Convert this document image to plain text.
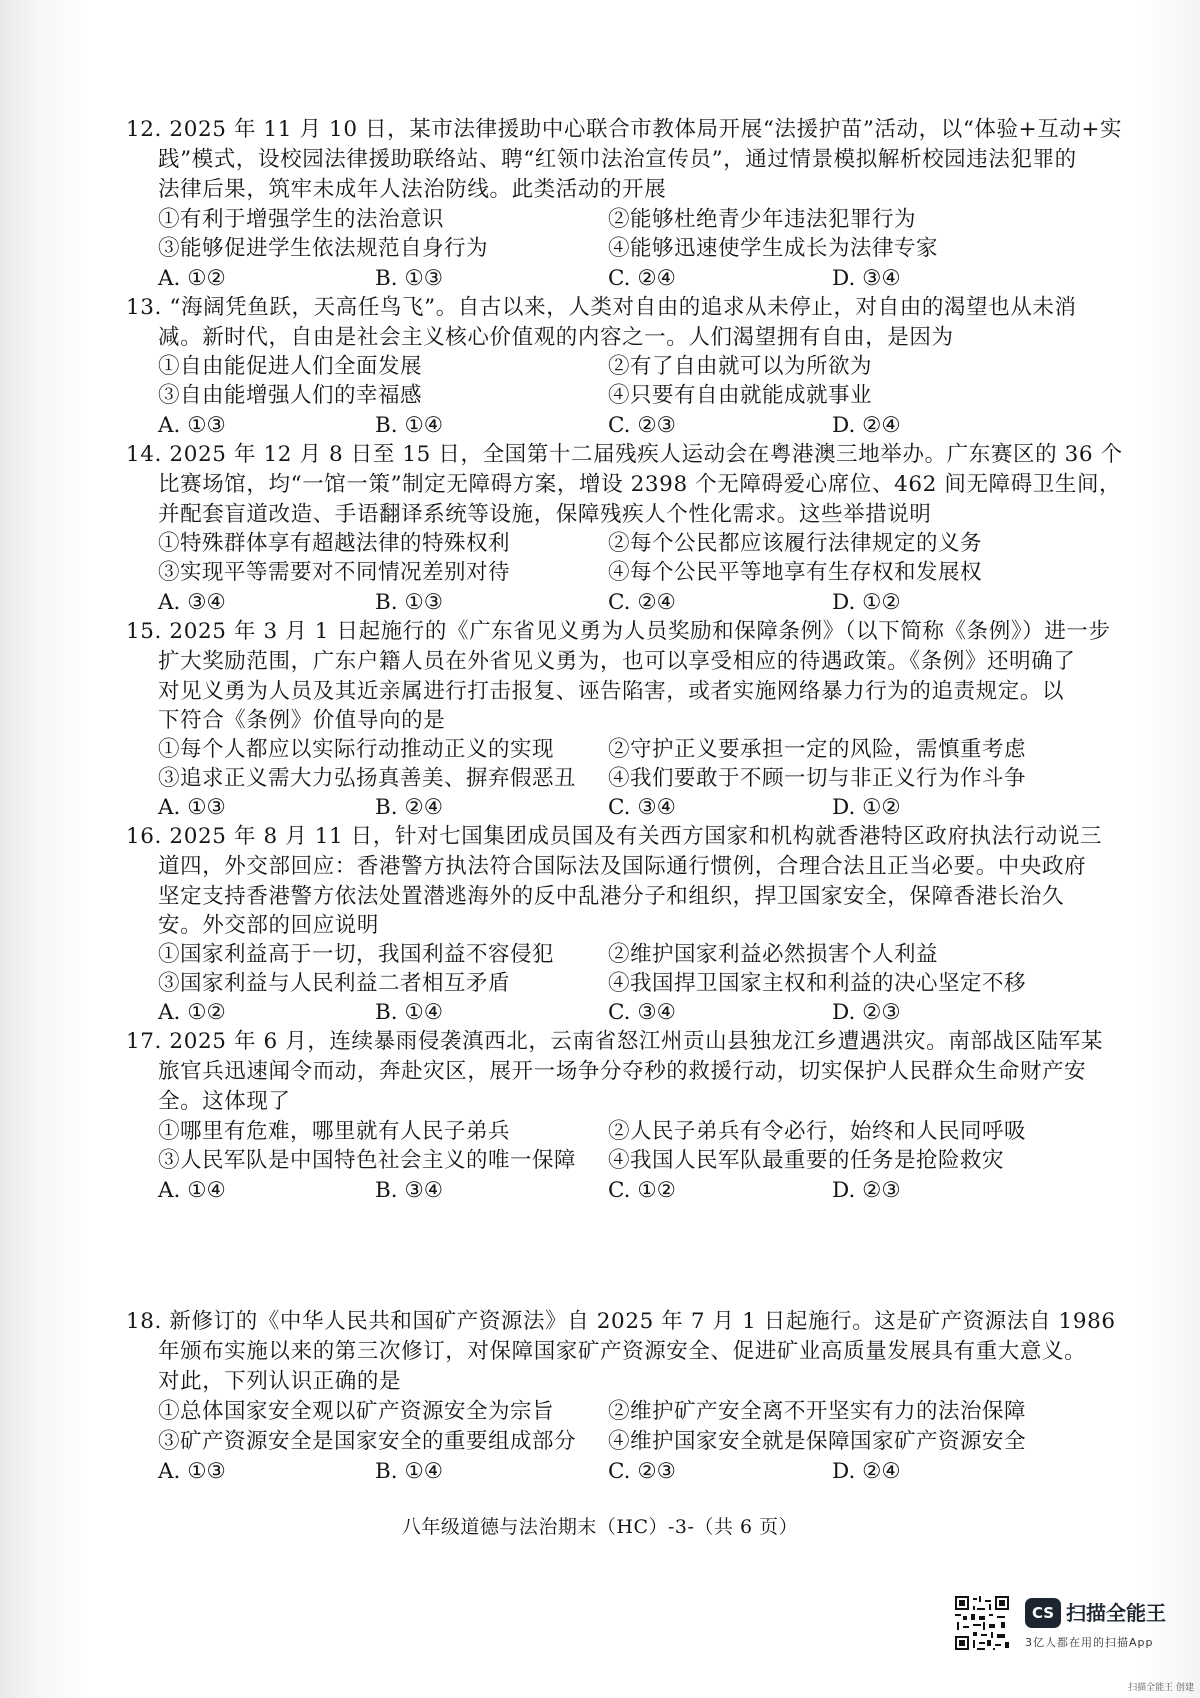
12. 2025 年 11 月 10 日，某市法律援助中心联合市教体局开展“法援护苗”活动，以“体验+互动+实
践”模式，设校园法律援助联络站、聘“红领巾法治宣传员”，通过情景模拟解析校园违法犯罪的
法律后果，筑牢未成年人法治防线。此类活动的开展
①有利于增强学生的法治意识	②能够杜绝青少年违法犯罪行为
③能够促进学生依法规范自身行为	④能够迅速使学生成长为法律专家
A. ①②	B. ①③	C. ②④	D. ③④
13. “海阔凭鱼跃，天高任鸟飞”。自古以来，人类对自由的追求从未停止，对自由的渴望也从未消
减。新时代，自由是社会主义核心价值观的内容之一。人们渴望拥有自由，是因为
①自由能促进人们全面发展	②有了自由就可以为所欲为
③自由能增强人们的幸福感	④只要有自由就能成就事业
A. ①③	B. ①④	C. ②③	D. ②④
14. 2025 年 12 月 8 日至 15 日，全国第十二届残疾人运动会在粤港澳三地举办。广东赛区的 36 个
比赛场馆，均“一馆一策”制定无障碍方案，增设 2398 个无障碍爱心席位、462 间无障碍卫生间，
并配套盲道改造、手语翻译系统等设施，保障残疾人个性化需求。这些举措说明
①特殊群体享有超越法律的特殊权利	②每个公民都应该履行法律规定的义务
③实现平等需要对不同情况差别对待	④每个公民平等地享有生存权和发展权
A. ③④	B. ①③	C. ②④	D. ①②
15. 2025 年 3 月 1 日起施行的《广东省见义勇为人员奖励和保障条例》（以下简称《条例》）进一步
扩大奖励范围，广东户籍人员在外省见义勇为，也可以享受相应的待遇政策。《条例》还明确了
对见义勇为人员及其近亲属进行打击报复、诬告陷害，或者实施网络暴力行为的追责规定。以
下符合《条例》价值导向的是
①每个人都应以实际行动推动正义的实现	②守护正义要承担一定的风险，需慎重考虑
③追求正义需大力弘扬真善美、摒弃假恶丑 ④我们要敢于不顾一切与非正义行为作斗争
A. ①③	B. ②④	C. ③④	D. ①②
16. 2025 年 8 月 11 日，针对七国集团成员国及有关西方国家和机构就香港特区政府执法行动说三
道四，外交部回应：香港警方执法符合国际法及国际通行惯例，合理合法且正当必要。中央政府
坚定支持香港警方依法处置潜逃海外的反中乱港分子和组织，捍卫国家安全，保障香港长治久
安。外交部的回应说明
①国家利益高于一切，我国利益不容侵犯	②维护国家利益必然损害个人利益
③国家利益与人民利益二者相互矛盾	④我国捍卫国家主权和利益的决心坚定不移
A. ①②	B. ①④	C. ③④	D. ②③
17. 2025 年 6 月，连续暴雨侵袭滇西北，云南省怒江州贡山县独龙江乡遭遇洪灾。南部战区陆军某
旅官兵迅速闻令而动，奔赴灾区，展开一场争分夺秒的救援行动，切实保护人民群众生命财产安
全。这体现了
①哪里有危难，哪里就有人民子弟兵	②人民子弟兵有令必行，始终和人民同呼吸
③人民军队是中国特色社会主义的唯一保障 ④我国人民军队最重要的任务是抢险救灾
A. ①④	B. ③④	C. ①②	D. ②③
18. 新修订的《中华人民共和国矿产资源法》自 2025 年 7 月 1 日起施行。这是矿产资源法自 1986
年颁布实施以来的第三次修订，对保障国家矿产资源安全、促进矿业高质量发展具有重大意义。
对此，下列认识正确的是
①总体国家安全观以矿产资源安全为宗旨	②维护矿产安全离不开坚实有力的法治保障
③矿产资源安全是国家安全的重要组成部分 ④维护国家安全就是保障国家矿产资源安全
A. ①③	B. ①④	C. ②③	D. ②④
八年级道德与法治期末（HC）-3-（共 6 页）
CS 扫描全能王
3亿人都在用的扫描App
扫描全能王 创建
